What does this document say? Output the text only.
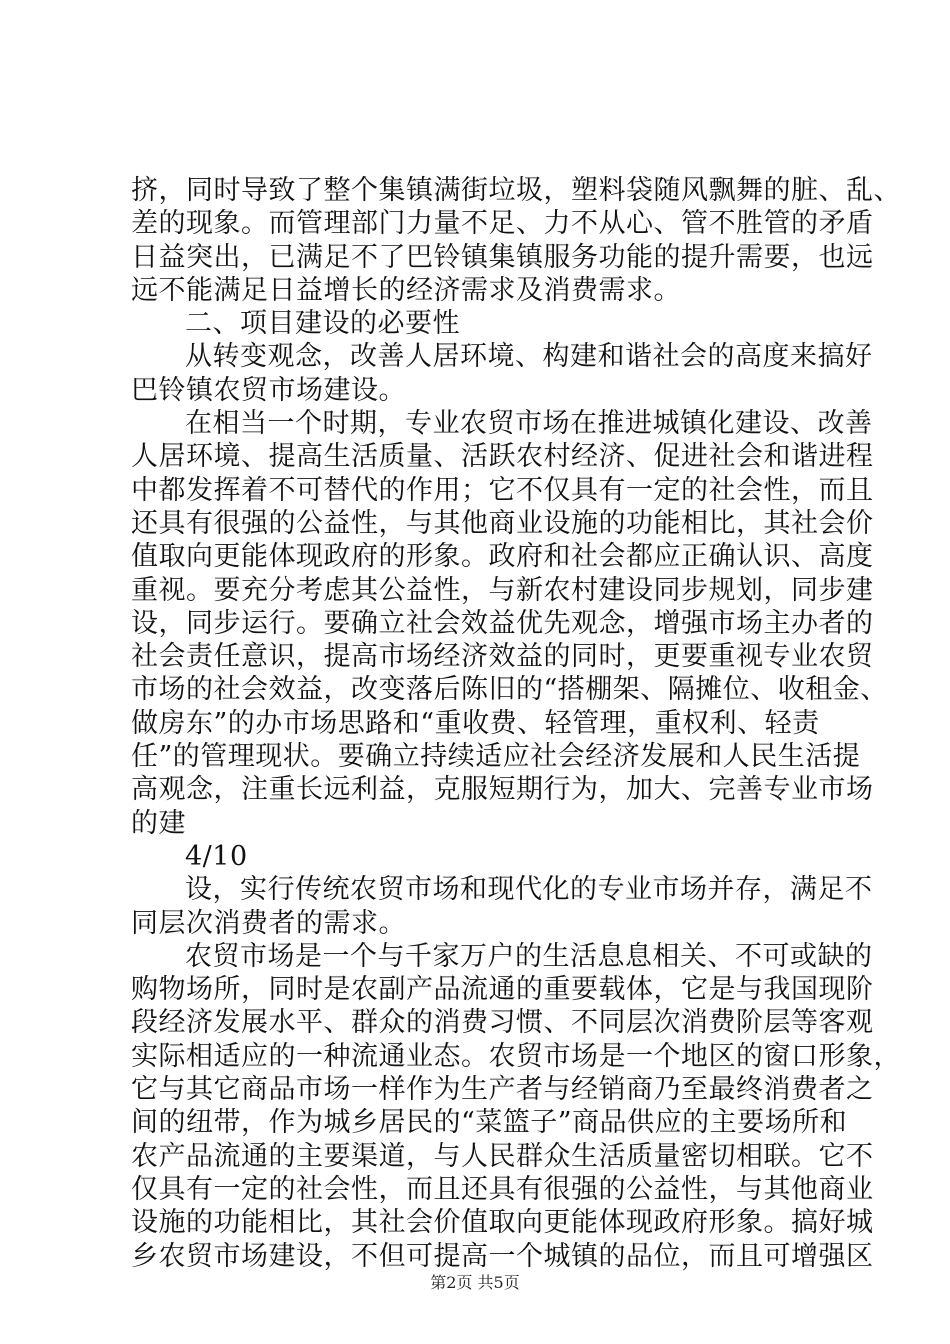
挤，同时导致了整个集镇满街垃圾，塑料袋随风飘舞的脏、乱、
差的现象。而管理部门力量不足、力不从心、管不胜管的矛盾
日益突出，已满足不了巴铃镇集镇服务功能的提升需要，也远
远不能满足日益增长的经济需求及消费需求。
二、项目建设的必要性
从转变观念，改善人居环境、构建和谐社会的高度来搞好
巴铃镇农贸市场建设。
在相当一个时期，专业农贸市场在推进城镇化建设、改善
人居环境、提高生活质量、活跃农村经济、促进社会和谐进程
中都发挥着不可替代的作用；它不仅具有一定的社会性，而且
还具有很强的公益性，与其他商业设施的功能相比，其社会价
值取向更能体现政府的形象。政府和社会都应正确认识、高度
重视。要充分考虑其公益性，与新农村建设同步规划，同步建
设，同步运行。要确立社会效益优先观念，增强市场主办者的
社会责任意识，提高市场经济效益的同时，更要重视专业农贸
市场的社会效益，改变落后陈旧的“搭棚架、隔摊位、收租金、
做房东”的办市场思路和“重收费、轻管理，重权利、轻责
任”的管理现状。要确立持续适应社会经济发展和人民生活提
高观念，注重长远利益，克服短期行为，加大、完善专业市场
的建
4/10
设，实行传统农贸市场和现代化的专业市场并存，满足不
同层次消费者的需求。
农贸市场是一个与千家万户的生活息息相关、不可或缺的
购物场所，同时是农副产品流通的重要载体，它是与我国现阶
段经济发展水平、群众的消费习惯、不同层次消费阶层等客观
实际相适应的一种流通业态。农贸市场是一个地区的窗口形象，
它与其它商品市场一样作为生产者与经销商乃至最终消费者之
间的纽带，作为城乡居民的“菜篮子”商品供应的主要场所和
农产品流通的主要渠道，与人民群众生活质量密切相联。它不
仅具有一定的社会性，而且还具有很强的公益性，与其他商业
设施的功能相比，其社会价值取向更能体现政府形象。搞好城
乡农贸市场建设，不但可提高一个城镇的品位，而且可增强区
第2页 共5页
